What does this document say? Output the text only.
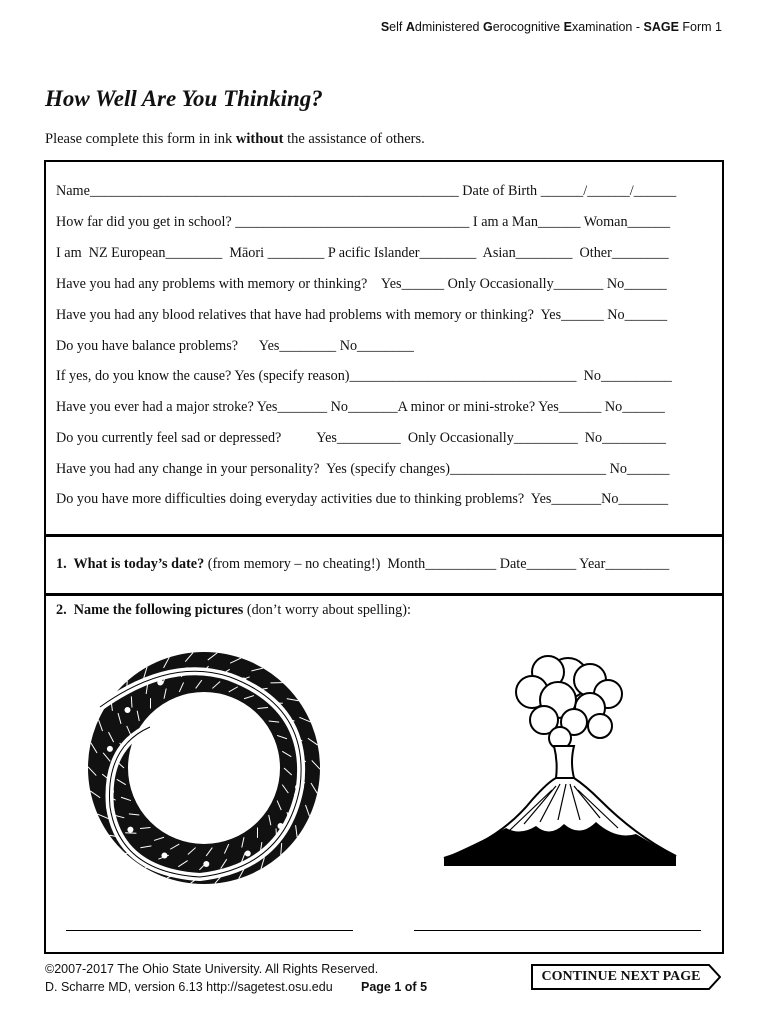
Self Administered Gerocognitive Examination - SAGE Form 1
How Well Are You Thinking?
Please complete this form in ink without the assistance of others.
Name____________________________________________________ Date of Birth ______/______/______
How far did you get in school? _________________________________ I am a Man______ Woman______
I am  NZ European________  Māori ________ P acific Islander________  Asian________  Other________
Have you had any problems with memory or thinking?    Yes______ Only Occasionally_______ No______
Have you had any blood relatives that have had problems with memory or thinking?  Yes______ No______
Do you have balance problems?      Yes________ No________
If yes, do you know the cause? Yes (specify reason)________________________________  No__________
Have you ever had a major stroke? Yes_______ No_______A minor or mini-stroke? Yes______ No______
Do you currently feel sad or depressed?          Yes_________  Only Occasionally_________  No_________
Have you had any change in your personality?  Yes (specify changes)______________________ No______
Do you have more difficulties doing everyday activities due to thinking problems?  Yes_______No_______
1.  What is today’s date? (from memory – no cheating!)  Month__________ Date_______ Year_________
2.  Name the following pictures (don’t worry about spelling):
©2007-2017 The Ohio State University. All Rights Reserved.
D. Scharre MD, version 6.13 http://sagetest.osu.edu Page 1 of 5
CONTINUE NEXT PAGE
